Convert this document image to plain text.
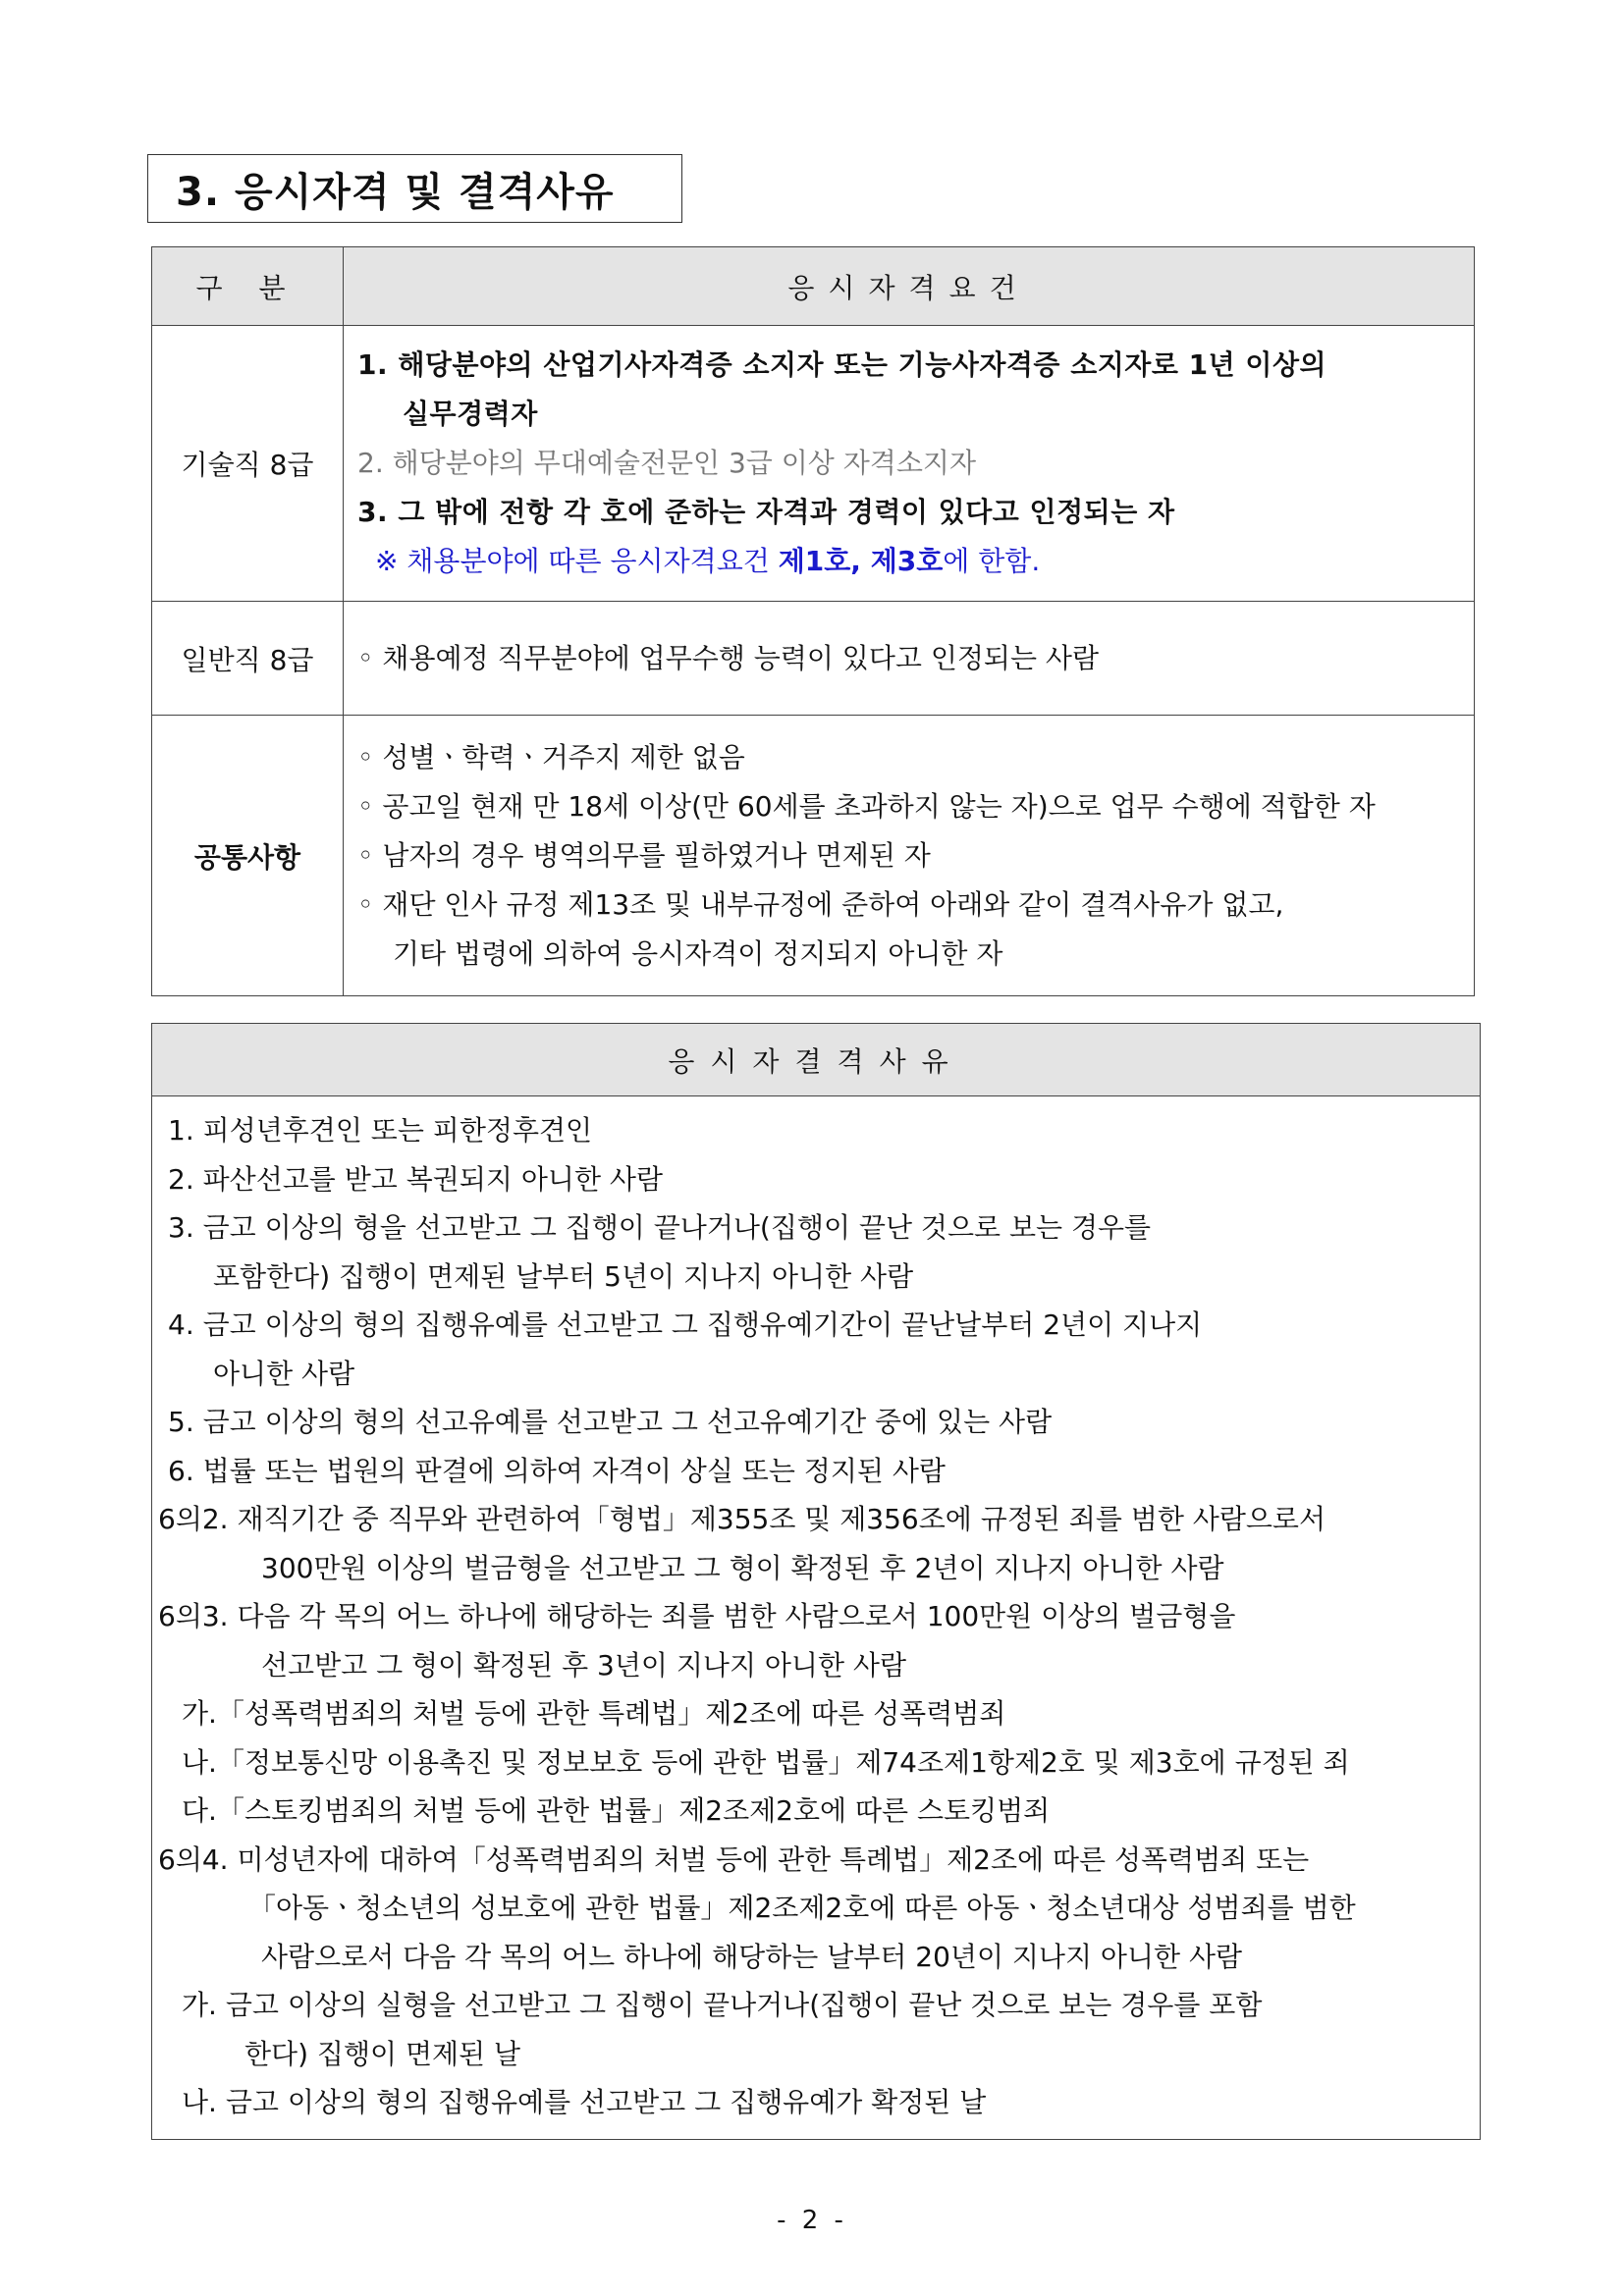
3. 응시자격 및 결격사유
구 분	응시자격요건
기술직 8급	1. 해당분야의 산업기사자격증 소지자 또는 기능사자격증 소지자로 1년 이상의
실무경력자
2. 해당분야의 무대예술전문인 3급 이상 자격소지자
3. 그 밖에 전항 각 호에 준하는 자격과 경력이 있다고 인정되는 자
※ 채용분야에 따른 응시자격요건 제1호, 제3호에 한함.

일반직 8급	◦ 채용예정 직무분야에 업무수행 능력이 있다고 인정되는 사람
공통사항	◦ 성별ㆍ학력ㆍ거주지 제한 없음
◦ 공고일 현재 만 18세 이상(만 60세를 초과하지 않는 자)으로 업무 수행에 적합한 자
◦ 남자의 경우 병역의무를 필하였거나 면제된 자
◦ 재단 인사 규정 제13조 및 내부규정에 준하여 아래와 같이 결격사유가 없고,
기타 법령에 의하여 응시자격이 정지되지 아니한 자
응시자결격사유

1. 피성년후견인 또는 피한정후견인
2. 파산선고를 받고 복권되지 아니한 사람
3. 금고 이상의 형을 선고받고 그 집행이 끝나거나(집행이 끝난 것으로 보는 경우를
포함한다) 집행이 면제된 날부터 5년이 지나지 아니한 사람
4. 금고 이상의 형의 집행유예를 선고받고 그 집행유예기간이 끝난날부터 2년이 지나지
아니한 사람
5. 금고 이상의 형의 선고유예를 선고받고 그 선고유예기간 중에 있는 사람
6. 법률 또는 법원의 판결에 의하여 자격이 상실 또는 정지된 사람
6의2. 재직기간 중 직무와 관련하여「형법」제355조 및 제356조에 규정된 죄를 범한 사람으로서
300만원 이상의 벌금형을 선고받고 그 형이 확정된 후 2년이 지나지 아니한 사람
6의3. 다음 각 목의 어느 하나에 해당하는 죄를 범한 사람으로서 100만원 이상의 벌금형을
선고받고 그 형이 확정된 후 3년이 지나지 아니한 사람
가.「성폭력범죄의 처벌 등에 관한 특례법」제2조에 따른 성폭력범죄
나.「정보통신망 이용촉진 및 정보보호 등에 관한 법률」제74조제1항제2호 및 제3호에 규정된 죄
다.「스토킹범죄의 처벌 등에 관한 법률」제2조제2호에 따른 스토킹범죄
6의4. 미성년자에 대하여「성폭력범죄의 처벌 등에 관한 특례법」제2조에 따른 성폭력범죄 또는
「아동ㆍ청소년의 성보호에 관한 법률」제2조제2호에 따른 아동ㆍ청소년대상 성범죄를 범한
사람으로서 다음 각 목의 어느 하나에 해당하는 날부터 20년이 지나지 아니한 사람
가. 금고 이상의 실형을 선고받고 그 집행이 끝나거나(집행이 끝난 것으로 보는 경우를 포함
한다) 집행이 면제된 날
나. 금고 이상의 형의 집행유예를 선고받고 그 집행유예가 확정된 날
- 2 -
